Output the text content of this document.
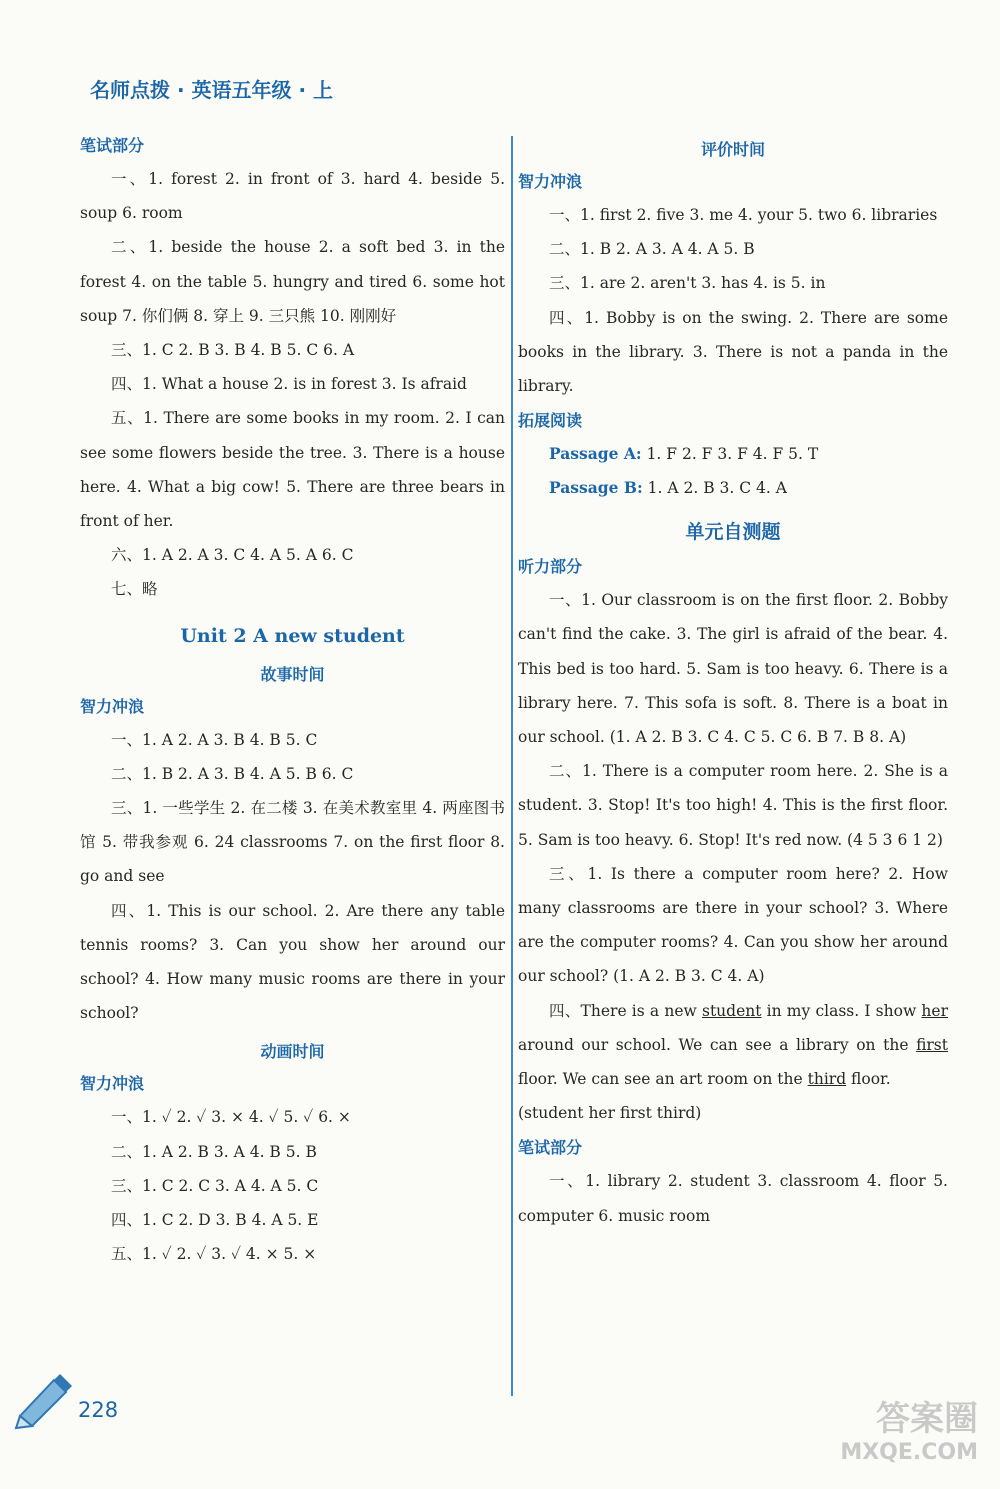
名师点拨 · 英语五年级 · 上
笔试部分

一、1. forest 2. in front of 3. hard 4. beside 5. soup 6. room

二、1. beside the house 2. a soft bed 3. in the forest 4. on the table 5. hungry and tired 6. some hot soup 7. 你们俩 8. 穿上 9. 三只熊 10. 刚刚好

三、1. C 2. B 3. B 4. B 5. C 6. A

四、1. What a house 2. is in forest 3. Is afraid

五、1. There are some books in my room. 2. I can see some flowers beside the tree. 3. There is a house here. 4. What a big cow! 5. There are three bears in front of her.

六、1. A 2. A 3. C 4. A 5. A 6. C

七、略

Unit 2 A new student
故事时间
智力冲浪

一、1. A 2. A 3. B 4. B 5. C

二、1. B 2. A 3. B 4. A 5. B 6. C

三、1. 一些学生 2. 在二楼 3. 在美术教室里 4. 两座图书馆 5. 带我参观 6. 24 classrooms 7. on the first floor 8. go and see

四、1. This is our school. 2. Are there any table tennis rooms? 3. Can you show her around our school? 4. How many music rooms are there in your school?

动画时间
智力冲浪

一、1. ✓ 2. ✓ 3. × 4. ✓ 5. ✓ 6. ×

二、1. A 2. B 3. A 4. B 5. B

三、1. C 2. C 3. A 4. A 5. C

四、1. C 2. D 3. B 4. A 5. E

五、1. ✓ 2. ✓ 3. ✓ 4. × 5. ×

评价时间
智力冲浪

一、1. first 2. five 3. me 4. your 5. two 6. libraries

二、1. B 2. A 3. A 4. A 5. B

三、1. are 2. aren't 3. has 4. is 5. in

四、1. Bobby is on the swing. 2. There are some books in the library. 3. There is not a panda in the library.

拓展阅读
Passage A: 1. F 2. F 3. F 4. F 5. T
Passage B: 1. A 2. B 3. C 4. A
单元自测题
听力部分

一、1. Our classroom is on the first floor. 2. Bobby can't find the cake. 3. The girl is afraid of the bear. 4. This bed is too hard. 5. Sam is too heavy. 6. There is a library here. 7. This sofa is soft. 8. There is a boat in our school. (1. A 2. B 3. C 4. C 5. C 6. B 7. B 8. A)

二、1. There is a computer room here. 2. She is a student. 3. Stop! It's too high! 4. This is the first floor. 5. Sam is too heavy. 6. Stop! It's red now. (4 5 3 6 1 2)

三、1. Is there a computer room here? 2. How many classrooms are there in your school? 3. Where are the computer rooms? 4. Can you show her around our school? (1. A 2. B 3. C 4. A)

四、There is a new student in my class. I show her around our school. We can see a library on the first floor. We can see an art room on the third floor.

(student her first third)

笔试部分

一、1. library 2. student 3. classroom 4. floor 5. computer 6. music room

228	答案圈
MXQE.COM
